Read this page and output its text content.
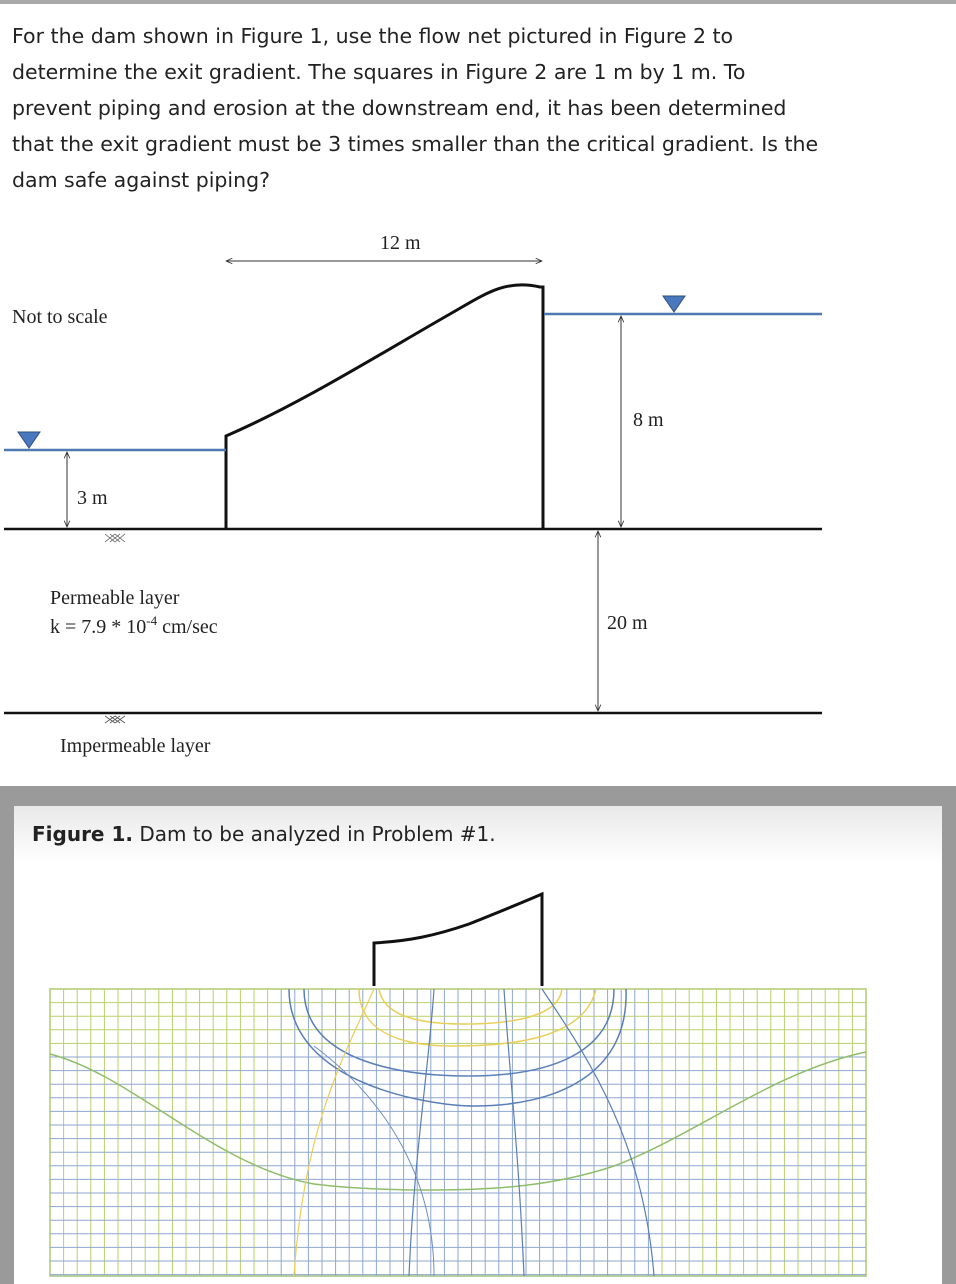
For the dam shown in Figure 1, use the flow net pictured in Figure 2 to
determine the exit gradient. The squares in Figure 2 are 1 m by 1 m. To
prevent piping and erosion at the downstream end, it has been determined
that the exit gradient must be 3 times smaller than the critical gradient. Is the
dam safe against piping?
Not to scale
12 m
8 m
3 m
20 m
Permeable layer
$k = 7.9 * 10^{-4}$ cm/sec
Impermeable layer
Figure 1. Dam to be analyzed in Problem #1.
